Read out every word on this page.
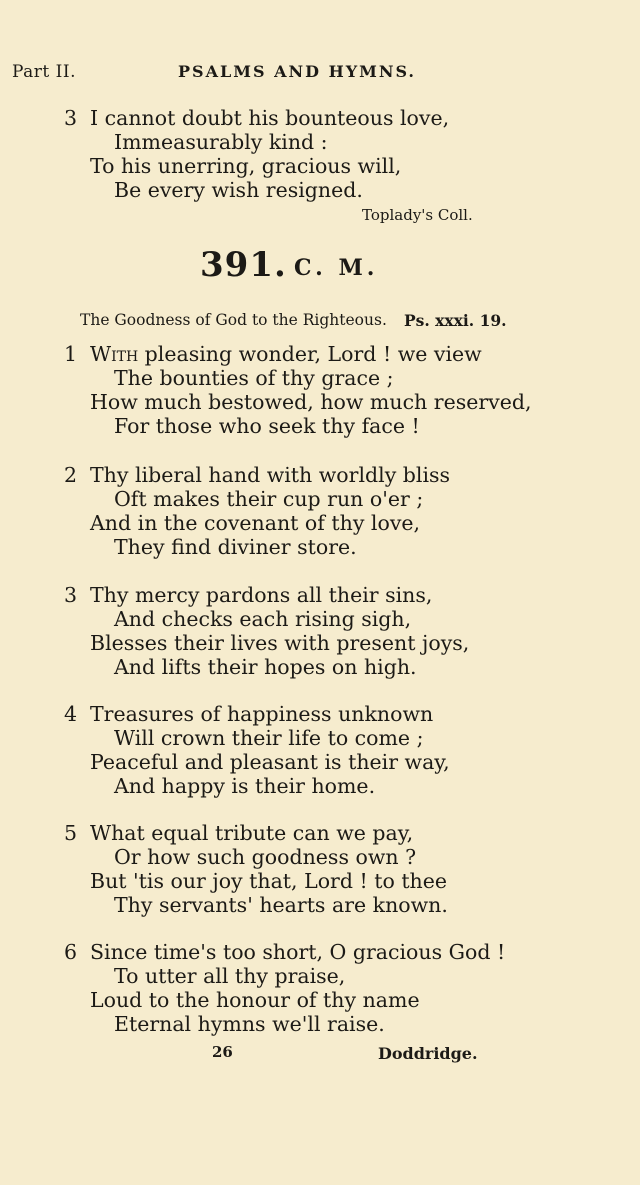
Part II.	PSALMS AND HYMNS.
3 I cannot doubt his bounteous love,
Immeasurably kind :
To his unerring, gracious will,
Be every wish resigned.
Toplady's Coll.
391. C. M.
The Goodness of God to the Righteous. Ps. xxxi. 19.
1 With pleasing wonder, Lord ! we view
The bounties of thy grace ;
How much bestowed, how much reserved,
For those who seek thy face !
2 Thy liberal hand with worldly bliss
Oft makes their cup run o'er ;
And in the covenant of thy love,
They find diviner store.
3 Thy mercy pardons all their sins,
And checks each rising sigh,
Blesses their lives with present joys,
And lifts their hopes on high.
4 Treasures of happiness unknown
Will crown their life to come ;
Peaceful and pleasant is their way,
And happy is their home.
5 What equal tribute can we pay,
Or how such goodness own ?
But 'tis our joy that, Lord ! to thee
Thy servants' hearts are known.
6 Since time's too short, O gracious God !
To utter all thy praise,
Loud to the honour of thy name
Eternal hymns we'll raise.
26	Doddridge.
